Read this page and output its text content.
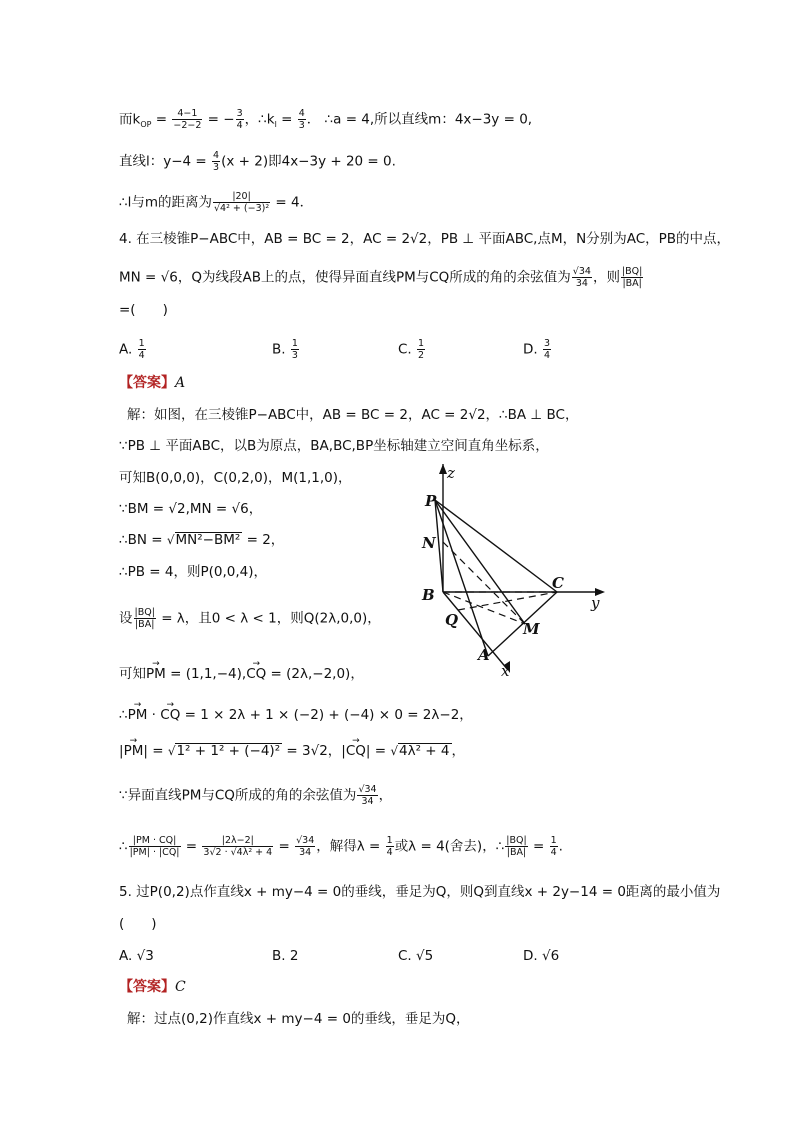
而$k_{OP} = \frac{4-1}{-2-2}$ = − $\frac{3}{4}$ ，$\therefore k_l = \frac{4}{3}$ ． ∴a = 4,所以直线m：4x−3y = 0,
直线l：$y-4 = \frac{4}{3} (x + 2)$即4x−3y + 20 = 0.
∴l与m的距离为 $\frac{|20|}{\text{√4² + (−3)²}} = 4$．
4. 在三棱锥P−ABC中，AB = BC = 2，AC = 2√2，PB ⊥ 平面ABC,点M，N分别为AC，PB的中点，
MN = √6，Q为线段AB上的点，使得异面直线PM与CQ所成的角的余弦值为 $\frac{√34}{34}$ ，则 $\frac{|BQ|}{|BA|}$
=(　　)
A. $\frac{1}{4}$	B. $\frac{1}{3}$	C. $\frac{1}{2}$	D. $\frac{3}{4}$
【答案】A
解：如图，在三棱锥P−ABC中，AB = BC = 2，AC = 2√2，∴BA ⊥ BC，
∵PB ⊥ 平面ABC，以B为原点，BA,BC,BP坐标轴建立空间直角坐标系，
可知B(0,0,0)，C(0,2,0)，M(1,1,0)，
∵BM = √2,MN = √6，
∴BN = √MN²−BM² = 2，
∴PB = 4，则P(0,0,4)，
设 $\frac{|BQ|}{|BA|} = \lambda$，且0 < λ < 1，则Q(2λ,0,0)，
可知→ PM = (1,1,−4),→ CQ = (2λ,−2,0)，
∴→ PM · → CQ = 1 × 2λ + 1 × (−2) + (−4) × 0 = 2λ−2，
|→ PM| = √1² + 1² + (−4)² = 3√2，|→ CQ| = √4λ² + 4 ，
∵异面直线PM与CQ所成的角的余弦值为 $\frac{√34}{34}$ ，
∴ $\frac{|PM \cdot CQ|}{|PM| \cdot |CQ|} = \frac{|2\lambda-2|}{\text{3√2 · √4λ² + 4}} = \frac{√34}{34}$ ，解得$\lambda = \frac{1}{4}$ 或λ = 4(舍去)，∴ $\frac{|BQ|}{|BA|} = \frac{1}{4}$ .
5. 过P(0,2)点作直线x + my−4 = 0的垂线，垂足为Q，则Q到直线x + 2y−14 = 0距离的最小值为
(　　)
A. √3	B. 2	C. √5	D. √6
【答案】C
解：过点(0,2)作直线x + my−4 = 0的垂线，垂足为Q，
z
y
x
P
N
B
C
Q	M
A
